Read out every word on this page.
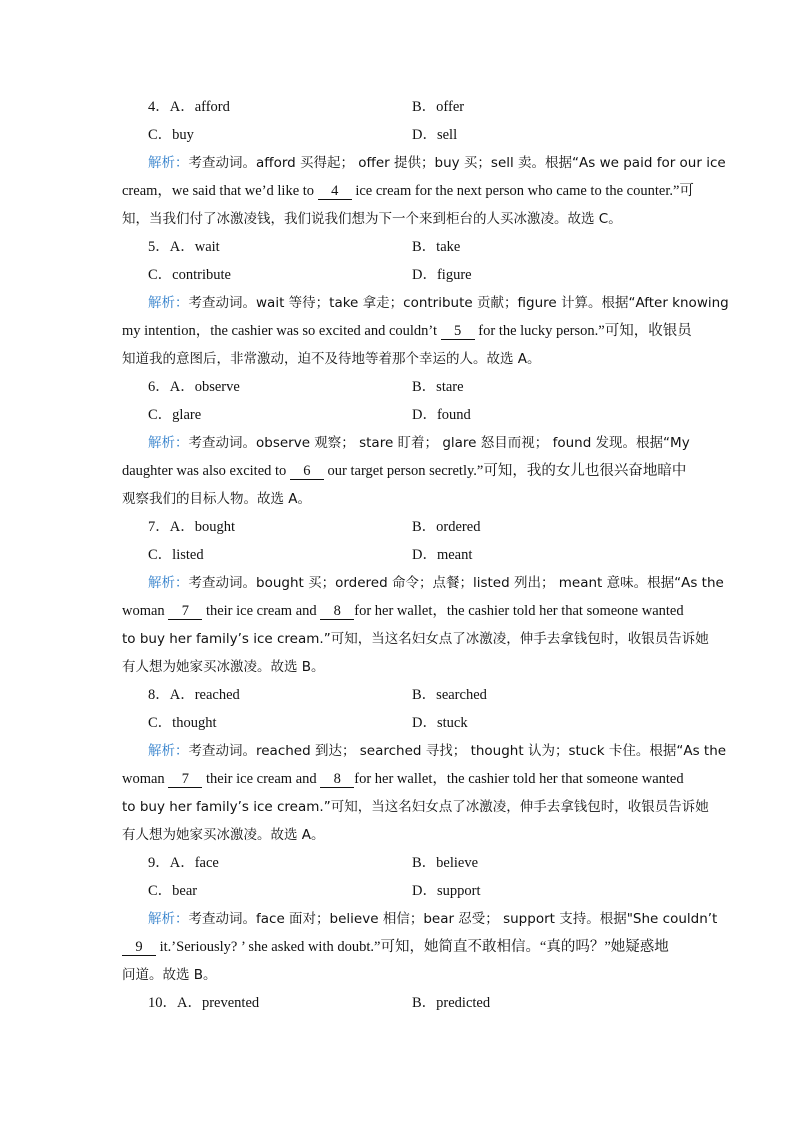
4．A．afford	B．offer
C．buy	D．sell
解析：考查动词。afford 买得起； offer 提供；buy 买；sell 卖。根据“As we paid for our ice
cream，we said that we’d like to 4 ice cream for the next person who came to the counter.”可
知，当我们付了冰激凌钱，我们说我们想为下一个来到柜台的人买冰激凌。故选 C。
5．A．wait	B．take
C．contribute	D．figure
解析：考查动词。wait 等待；take 拿走；contribute 贡献；figure 计算。根据“After knowing
my intention，the cashier was so excited and couldn’t 5 for the lucky person.”可知，收银员
知道我的意图后，非常激动，迫不及待地等着那个幸运的人。故选 A。
6．A．observe	B．stare
C．glare	D．found
解析：考查动词。observe 观察； stare 盯着； glare 怒目而视； found 发现。根据“My
daughter was also excited to 6 our target person secretly.”可知，我的女儿也很兴奋地暗中
观察我们的目标人物。故选 A。
7．A．bought	B．ordered
C．listed	D．meant
解析：考查动词。bought 买；ordered 命令；点餐；listed 列出； meant 意味。根据“As the
woman 7 their ice cream and 8 for her wallet，the cashier told her that someone wanted
to buy her family’s ice cream.”可知，当这名妇女点了冰激凌，伸手去拿钱包时，收银员告诉她
有人想为她家买冰激凌。故选 B。
8．A．reached	B．searched
C．thought	D．stuck
解析：考查动词。reached 到达； searched 寻找； thought 认为；stuck 卡住。根据“As the
woman 7 their ice cream and 8 for her wallet，the cashier told her that someone wanted
to buy her family’s ice cream.”可知，当这名妇女点了冰激凌，伸手去拿钱包时，收银员告诉她
有人想为她家买冰激凌。故选 A。
9．A．face	B．believe
C．bear	D．support
解析：考查动词。face 面对；believe 相信；bear 忍受； support 支持。根据"She couldn’t
9 it.’Seriously? ’ she asked with doubt.”可知，她简直不敢相信。“真的吗？”她疑惑地
问道。故选 B。
10．A．prevented	B．predicted
